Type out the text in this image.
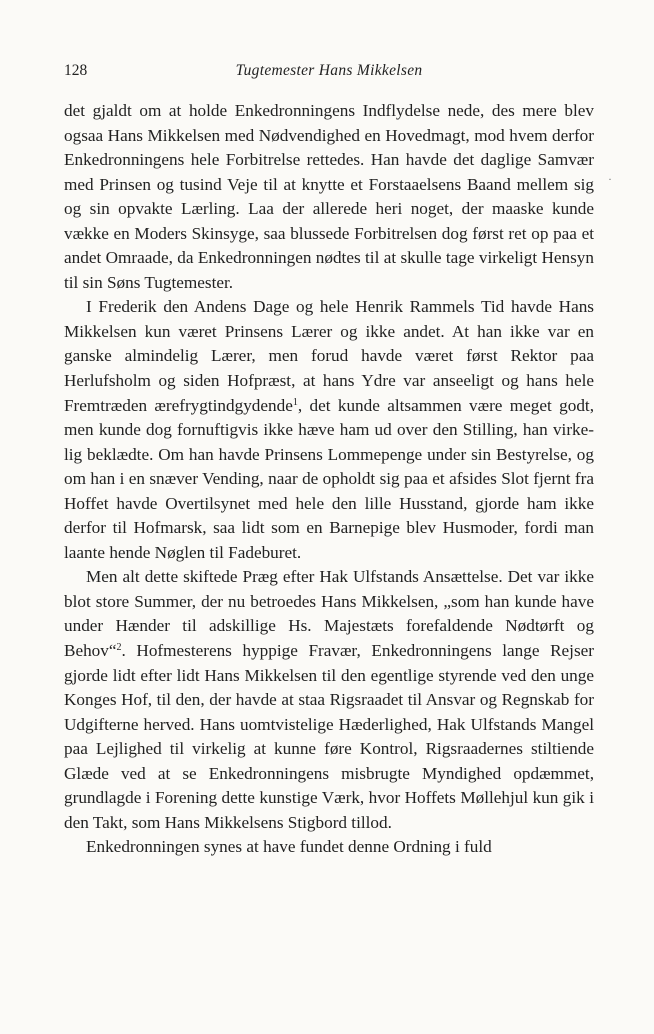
128	Tugtemester Hans Mikkelsen
·

det gjaldt om at holde Enkedronningens Indflydelse nede, des mere blev ogsaa Hans Mikkelsen med Nødvendighed en Hovedmagt, mod hvem derfor Enkedronningens hele Forbitrelse rettedes. Han havde det daglige Samvær med Prinsen og tusind Veje til at knytte et Forstaaelsens Baand mellem sig og sin opvakte Lærling. Laa der allerede heri noget, der maaske kunde vække en Moders Skinsyge, saa blussede Forbitrelsen dog først ret op paa et andet Omraade, da Enkedronningen nødtes til at skulle tage virkeligt Hensyn til sin Søns Tugtemester.

I Frederik den Andens Dage og hele Henrik Rammels Tid havde Hans Mikkelsen kun været Prinsens Lærer og ikke andet. At han ikke var en ganske almindelig Lærer, men forud havde været først Rektor paa Herlufsholm og siden Hofpræst, at hans Ydre var anseeligt og hans hele Fremtræden ærefrygtindgydende$^1$, det kunde altsammen være meget godt, men kunde dog fornuftigvis ikke hæve ham ud over den Stilling, han virkelig beklædte. Om han havde Prinsens Lommepenge under sin Bestyrelse, og om han i en snæver Vending, naar de opholdt sig paa et afsides Slot fjernt fra Hoffet havde Overtilsynet med hele den lille Husstand, gjorde ham ikke derfor til Hofmarsk, saa lidt som en Barnepige blev Husmoder, fordi man laante hende Nøglen til Fadeburet.

Men alt dette skiftede Præg efter Hak Ulfstands Ansættelse. Det var ikke blot store Summer, der nu betroedes Hans Mikkelsen, „som han kunde have under Hænder til adskillige Hs. Majestæts forefaldende Nødtørft og Behov“$^2$. Hofmesterens hyppige Fravær, Enkedronningens lange Rejser gjorde lidt efter lidt Hans Mikkelsen til den egentlige styrende ved den unge Konges Hof, til den, der havde at staa Rigsraadet til Ansvar og Regnskab for Udgifterne herved. Hans uomtvistelige Hæderlighed, Hak Ulfstands Mangel paa Lejlighed til virkelig at kunne føre Kontrol, Rigsraadernes stiltiende Glæde ved at se Enkedronningens misbrugte Myndighed opdæmmet, grundlagde i Forening dette kunstige Værk, hvor Hoffets Møllehjul kun gik i den Takt, som Hans Mikkelsens Stigbord tillod.

Enkedronningen synes at have fundet denne Ordning i fuld
